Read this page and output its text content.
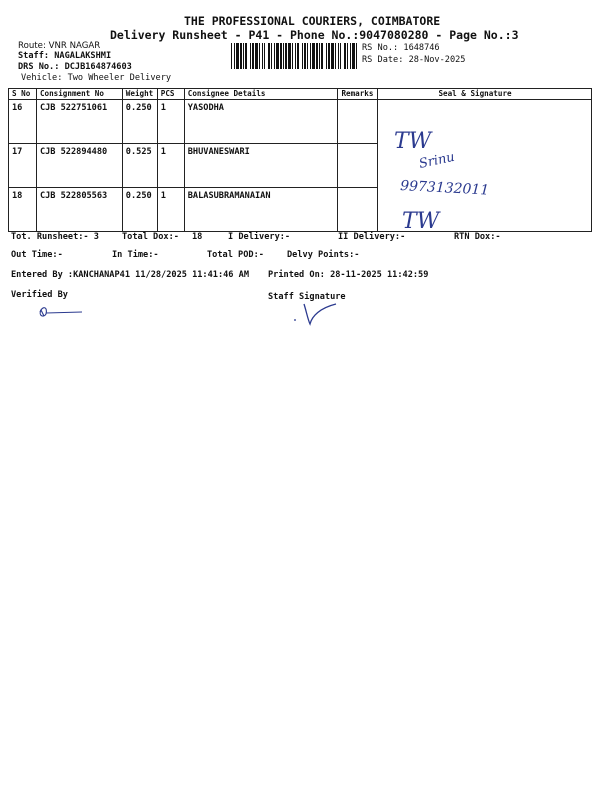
THE PROFESSIONAL COURIERS, COIMBATORE
Delivery Runsheet - P41 - Phone No.:9047080280 - Page No.:3
Route: VNR NAGAR
Staff: NAGALAKSHMI
DRS No.: DCJB164874603
Vehicle: Two Wheeler Delivery
RS No.: 1648746
RS Date: 28-Nov-2025
S No	Consignment No	Weight	PCS	Consignee Details	Remarks	Seal & Signature
16	CJB 522751061	0.250	1	YASODHA		
17	CJB 522894480	0.525	1	BHUVANESWARI		
18	CJB 522805563	0.250	1	BALASUBRAMANAIAN		
TW
Srinu
9973132011
TW
Tot. Runsheet:- 3	Total Dox:- 18	I Delivery:-	II Delivery:-	RTN Dox:-
Out Time:-	In Time:-	Total POD:-	Delvy Points:-
Entered By :KANCHANAP41 11/28/2025 11:41:46 AM Printed On: 28-11-2025 11:42:59
Verified By	Staff Signature
